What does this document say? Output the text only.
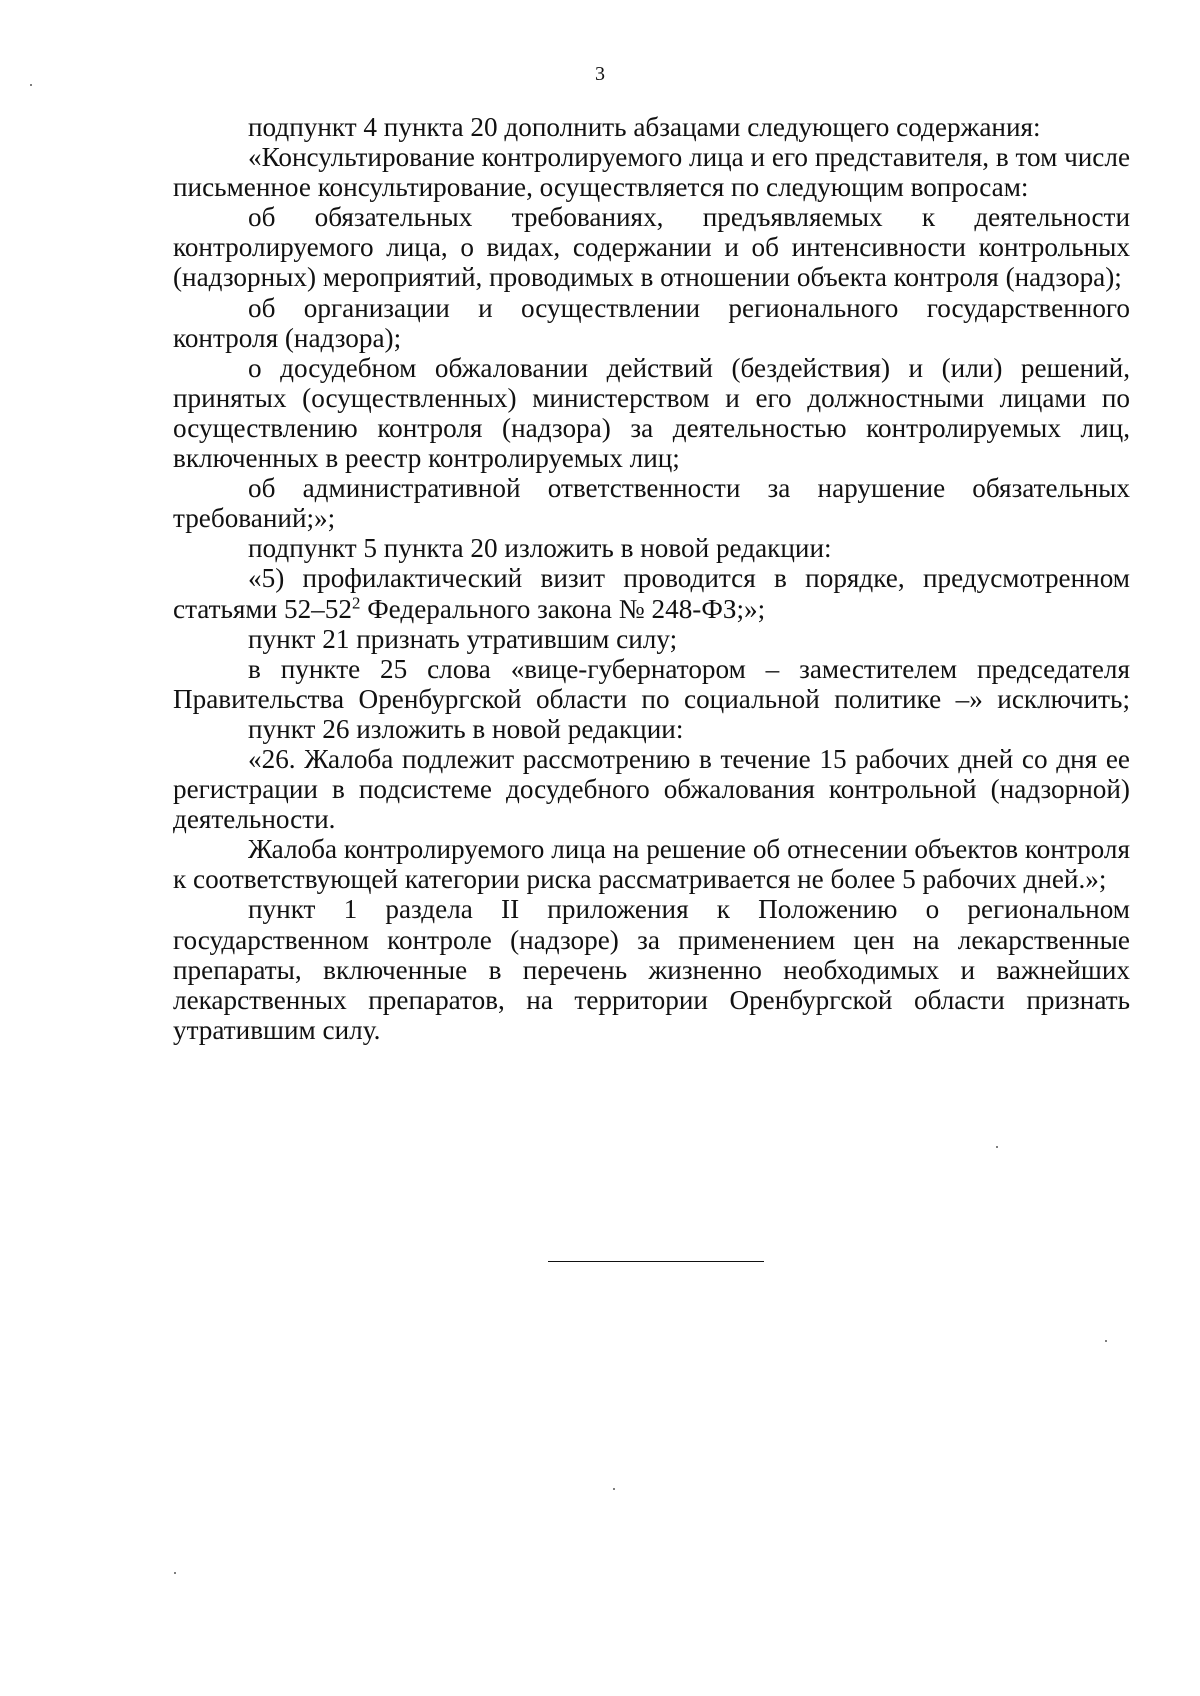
3

подпункт 4 пункта 20 дополнить абзацами следующего содержания:

«Консультирование контролируемого лица и его представителя, в том числе письменное консультирование, осуществляется по следующим вопросам:

об обязательных требованиях, предъявляемых к деятельности контролируемого лица, о видах, содержании и об интенсивности контрольных (надзорных) мероприятий, проводимых в отношении объекта контроля (надзора);

об организации и осуществлении регионального государственного контроля (надзора);

о досудебном обжаловании действий (бездействия) и (или) решений, принятых (осуществленных) министерством и его должностными лицами по осуществлению контроля (надзора) за деятельностью контролируемых лиц, включенных в реестр контролируемых лиц;

об административной ответственности за нарушение обязательных требований;»;

подпункт 5 пункта 20 изложить в новой редакции:

«5) профилактический визит проводится в порядке, предусмотренном статьями $52-52^2$ Федерального закона № 248-ФЗ;»;

пункт 21 признать утратившим силу;

в пункте 25 слова «вице-губернатором – заместителем председателя Правительства Оренбургской области по социальной политике –» исключить;

пункт 26 изложить в новой редакции:

«26. Жалоба подлежит рассмотрению в течение 15 рабочих дней со дня ее регистрации в подсистеме досудебного обжалования контрольной (надзорной) деятельности.

Жалоба контролируемого лица на решение об отнесении объектов контроля к соответствующей категории риска рассматривается не более 5 рабочих дней.»;

пункт 1 раздела II приложения к Положению о региональном государственном контроле (надзоре) за применением цен на лекарственные препараты, включенные в перечень жизненно необходимых и важнейших лекарственных препаратов, на территории Оренбургской области признать утратившим силу.
